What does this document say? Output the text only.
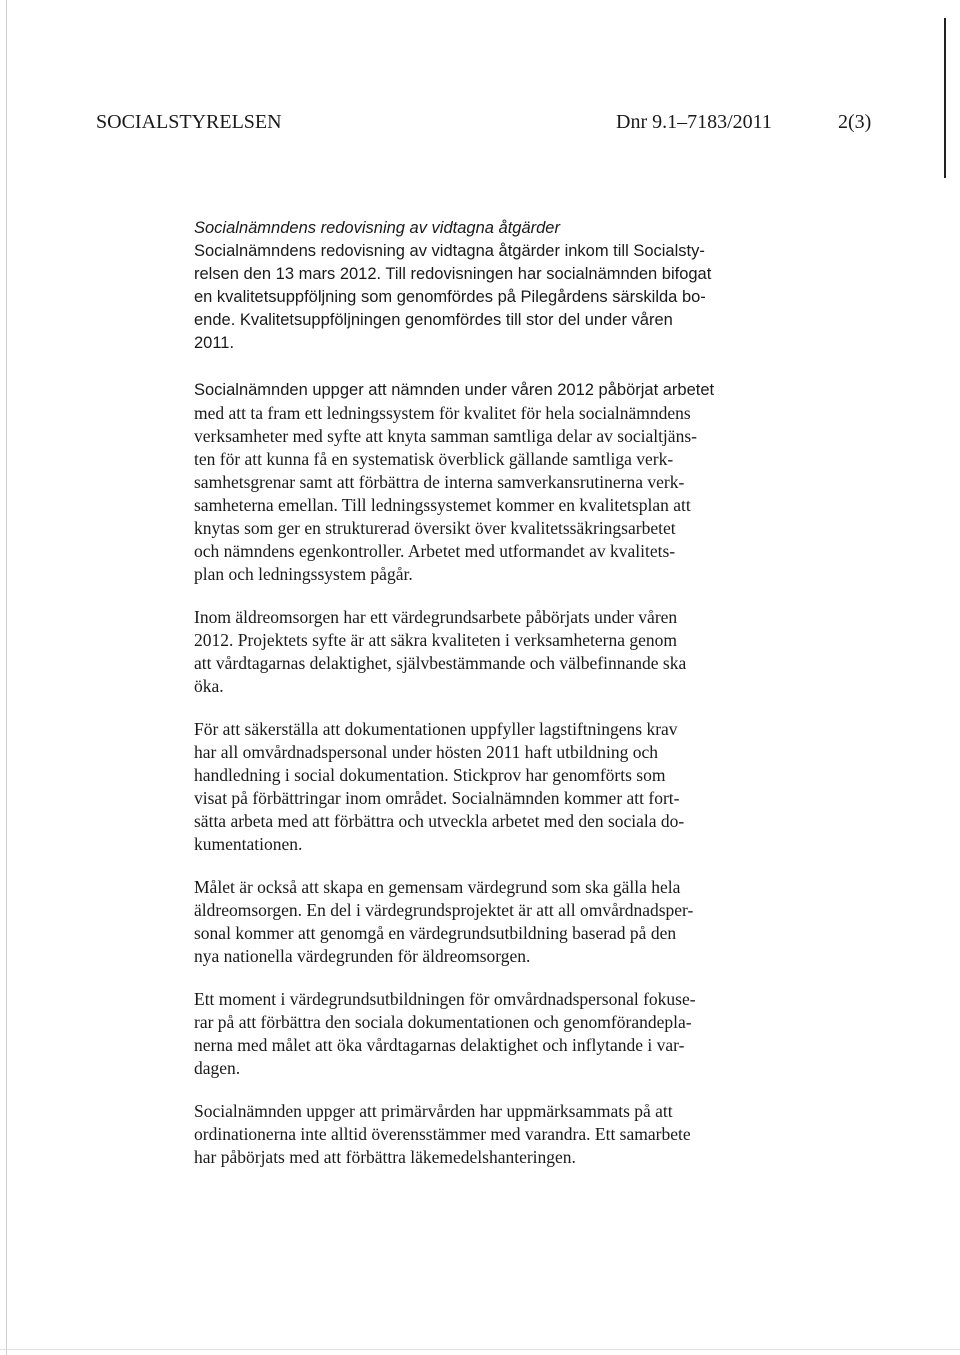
SOCIALSTYRELSEN	Dnr 9.1–7183/2011	2(3)
Socialnämndens redovisning av vidtagna åtgärder
Socialnämndens redovisning av vidtagna åtgärder inkom till Socialsty-
relsen den 13 mars 2012. Till redovisningen har socialnämnden bifogat
en kvalitetsuppföljning som genomfördes på Pilegårdens särskilda bo-
ende. Kvalitetsuppföljningen genomfördes till stor del under våren
2011.
Socialnämnden uppger att nämnden under våren 2012 påbörjat arbetet
med att ta fram ett ledningssystem för kvalitet för hela socialnämndens
verksamheter med syfte att knyta samman samtliga delar av socialtjäns-
ten för att kunna få en systematisk överblick gällande samtliga verk-
samhetsgrenar samt att förbättra de interna samverkansrutinerna verk-
samheterna emellan. Till ledningssystemet kommer en kvalitetsplan att
knytas som ger en strukturerad översikt över kvalitetssäkringsarbetet
och nämndens egenkontroller. Arbetet med utformandet av kvalitets-
plan och ledningssystem pågår.
Inom äldreomsorgen har ett värdegrundsarbete påbörjats under våren
2012. Projektets syfte är att säkra kvaliteten i verksamheterna genom
att vårdtagarnas delaktighet, självbestämmande och välbefinnande ska
öka.
För att säkerställa att dokumentationen uppfyller lagstiftningens krav
har all omvårdnadspersonal under hösten 2011 haft utbildning och
handledning i social dokumentation. Stickprov har genomförts som
visat på förbättringar inom området. Socialnämnden kommer att fort-
sätta arbeta med att förbättra och utveckla arbetet med den sociala do-
kumentationen.
Målet är också att skapa en gemensam värdegrund som ska gälla hela
äldreomsorgen. En del i värdegrundsprojektet är att all omvårdnadsper-
sonal kommer att genomgå en värdegrundsutbildning baserad på den
nya nationella värdegrunden för äldreomsorgen.
Ett moment i värdegrundsutbildningen för omvårdnadspersonal fokuse-
rar på att förbättra den sociala dokumentationen och genomförandepla-
nerna med målet att öka vårdtagarnas delaktighet och inflytande i var-
dagen.
Socialnämnden uppger att primärvården har uppmärksammats på att
ordinationerna inte alltid överensstämmer med varandra. Ett samarbete
har påbörjats med att förbättra läkemedelshanteringen.
